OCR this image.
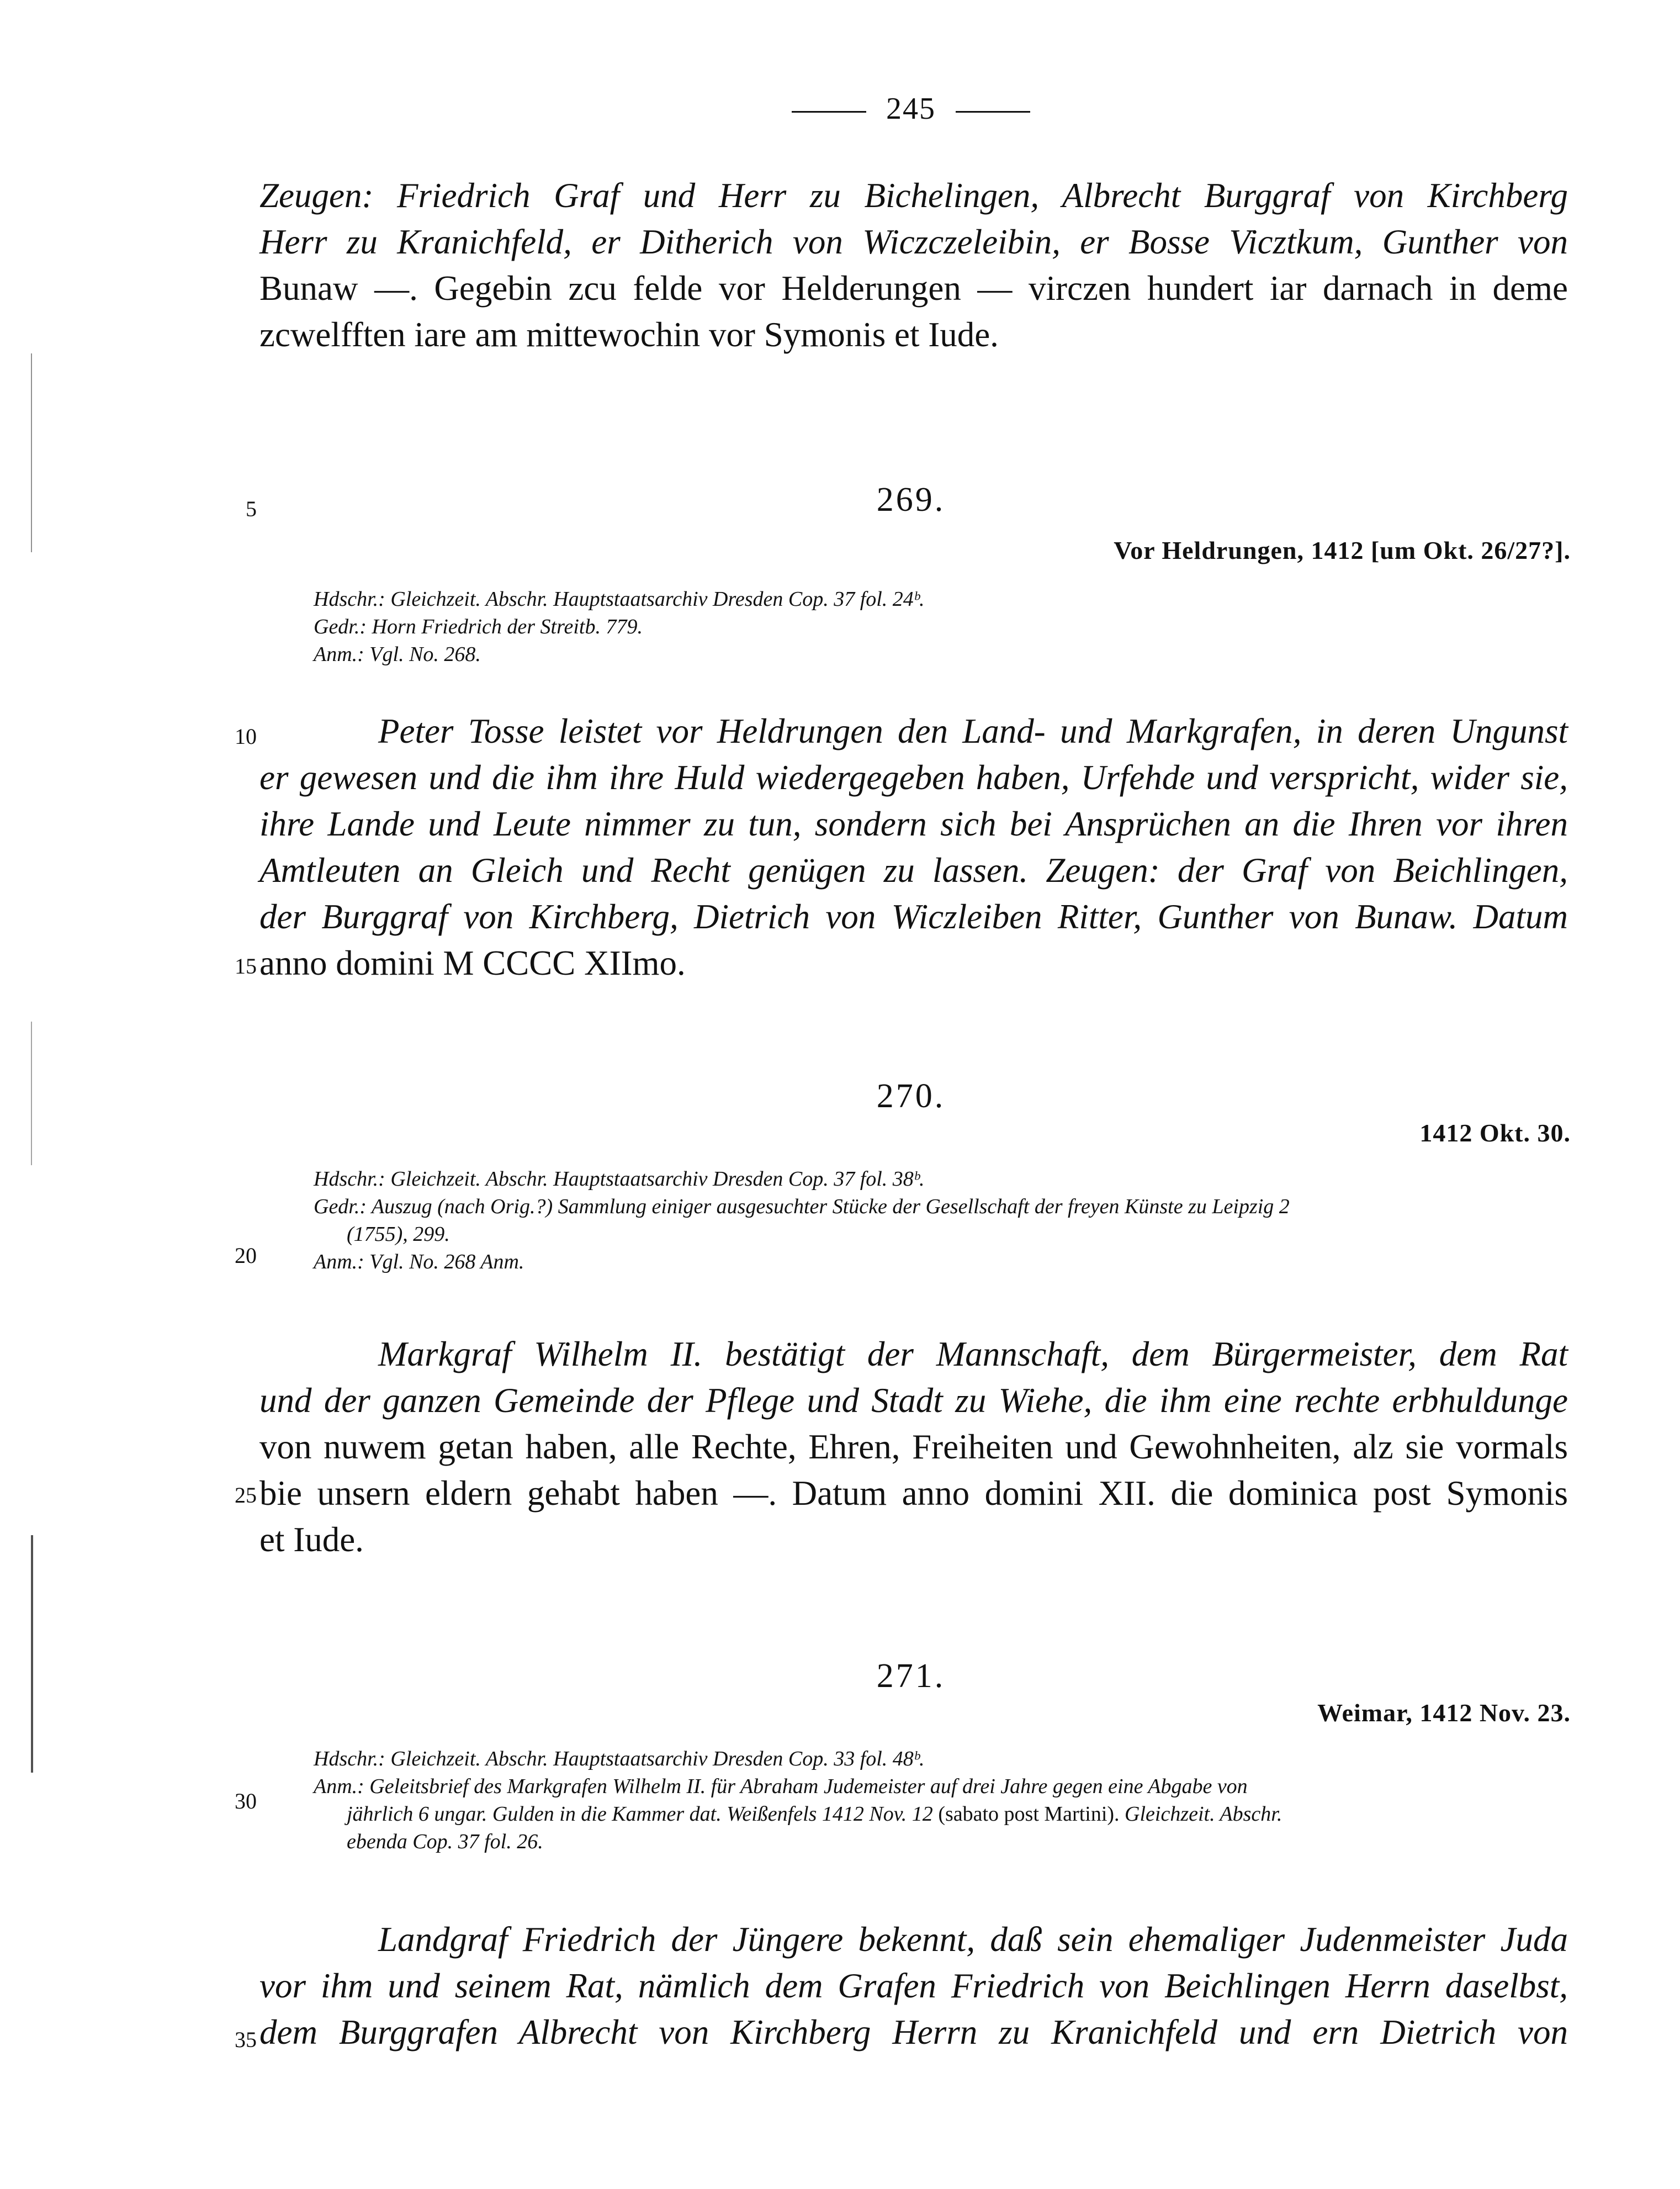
245
Zeugen: Friedrich Graf und Herr zu Bichelingen, Albrecht Burggraf von Kirchberg
Herr zu Kranichfeld, er Ditherich von Wiczczeleibin, er Bosse Vicztkum, Gunther von
Bunaw —. Gegebin zcu felde vor Helderungen — virczen hundert iar darnach in deme
zcwelfften iare am mittewochin vor Symonis et Iude.
5
10
15
20
25
30
35
269.
Vor Heldrungen, 1412 [um Okt. 26/27?].
Hdschr.: Gleichzeit. Abschr. Hauptstaatsarchiv Dresden Cop. 37 fol. 24ᵇ.
Gedr.: Horn Friedrich der Streitb. 779.
Anm.: Vgl. No. 268.
Peter Tosse leistet vor Heldrungen den Land- und Markgrafen, in deren Ungunst
er gewesen und die ihm ihre Huld wiedergegeben haben, Urfehde und verspricht, wider sie,
ihre Lande und Leute nimmer zu tun, sondern sich bei Ansprüchen an die Ihren vor ihren
Amtleuten an Gleich und Recht genügen zu lassen. Zeugen: der Graf von Beichlingen,
der Burggraf von Kirchberg, Dietrich von Wiczleiben Ritter, Gunther von Bunaw. Datum
anno domini M CCCC XIImo.
270.
1412 Okt. 30.
Hdschr.: Gleichzeit. Abschr. Hauptstaatsarchiv Dresden Cop. 37 fol. 38ᵇ.
Gedr.: Auszug (nach Orig.?) Sammlung einiger ausgesuchter Stücke der Gesellschaft der freyen Künste zu Leipzig 2
(1755), 299.
Anm.: Vgl. No. 268 Anm.
Markgraf Wilhelm II. bestätigt der Mannschaft, dem Bürgermeister, dem Rat
und der ganzen Gemeinde der Pflege und Stadt zu Wiehe, die ihm eine rechte erbhuldunge
von nuwem getan haben, alle Rechte, Ehren, Freiheiten und Gewohnheiten, alz sie vormals
bie unsern eldern gehabt haben —. Datum anno domini XII. die dominica post Symonis
et Iude.
271.
Weimar, 1412 Nov. 23.
Hdschr.: Gleichzeit. Abschr. Hauptstaatsarchiv Dresden Cop. 33 fol. 48ᵇ.
Anm.: Geleitsbrief des Markgrafen Wilhelm II. für Abraham Judemeister auf drei Jahre gegen eine Abgabe von
jährlich 6 ungar. Gulden in die Kammer dat. Weißenfels 1412 Nov. 12 (sabato post Martini). Gleichzeit. Abschr.
ebenda Cop. 37 fol. 26.
Landgraf Friedrich der Jüngere bekennt, daß sein ehemaliger Judenmeister Juda
vor ihm und seinem Rat, nämlich dem Grafen Friedrich von Beichlingen Herrn daselbst,
dem Burggrafen Albrecht von Kirchberg Herrn zu Kranichfeld und ern Dietrich von
